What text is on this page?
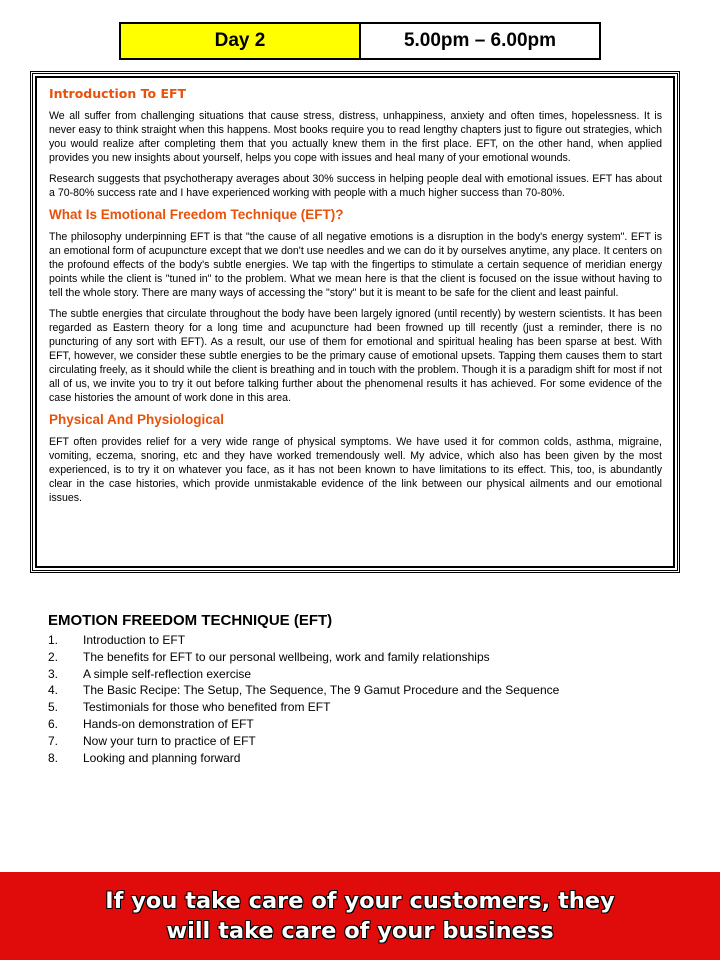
Day 2	5.00pm – 6.00pm
Introduction To EFT

We all suffer from challenging situations that cause stress, distress, unhappiness, anxiety and often times, hopelessness. It is never easy to think straight when this happens. Most books require you to read lengthy chapters just to figure out strategies, which you would realize after completing them that you actually knew them in the first place. EFT, on the other hand, when applied provides you new insights about yourself, helps you cope with issues and heal many of your emotional wounds.

Research suggests that psychotherapy averages about 30% success in helping people deal with emotional issues. EFT has about a 70-80% success rate and I have experienced working with people with a much higher success than 70-80%.

What Is Emotional Freedom Technique (EFT)?

The philosophy underpinning EFT is that "the cause of all negative emotions is a disruption in the body's energy system". EFT is an emotional form of acupuncture except that we don't use needles and we can do it by ourselves anytime, any place. It centers on the profound effects of the body's subtle energies. We tap with the fingertips to stimulate a certain sequence of meridian energy points while the client is "tuned in" to the problem. What we mean here is that the client is focused on the issue without having to tell the whole story. There are many ways of accessing the "story" but it is meant to be safe for the client and least painful.

The subtle energies that circulate throughout the body have been largely ignored (until recently) by western scientists. It has been regarded as Eastern theory for a long time and acupuncture had been frowned up till recently (just a reminder, there is no puncturing of any sort with EFT). As a result, our use of them for emotional and spiritual healing has been sparse at best. With EFT, however, we consider these subtle energies to be the primary cause of emotional upsets. Tapping them causes them to start circulating freely, as it should while the client is breathing and in touch with the problem. Though it is a paradigm shift for most if not all of us, we invite you to try it out before talking further about the phenomenal results it has achieved. For some evidence of the case histories the amount of work done in this area.

Physical And Physiological

EFT often provides relief for a very wide range of physical symptoms. We have used it for common colds, asthma, migraine, vomiting, eczema, snoring, etc and they have worked tremendously well. My advice, which also has been given by the most experienced, is to try it on whatever you face, as it has not been known to have limitations to its effect. This, too, is abundantly clear in the case histories, which provide unmistakable evidence of the link between our physical ailments and our emotional issues.

EMOTION FREEDOM TECHNIQUE (EFT)
1.	Introduction to EFT
2.	The benefits for EFT to our personal wellbeing, work and family relationships
3.	A simple self-reflection exercise
4.	The Basic Recipe: The Setup, The Sequence, The 9 Gamut Procedure and the Sequence
5.	Testimonials for those who benefited from EFT
6.	Hands-on demonstration of EFT
7.	Now your turn to practice of EFT
8.	Looking and planning forward
If you take care of your customers, they
will take care of your business
